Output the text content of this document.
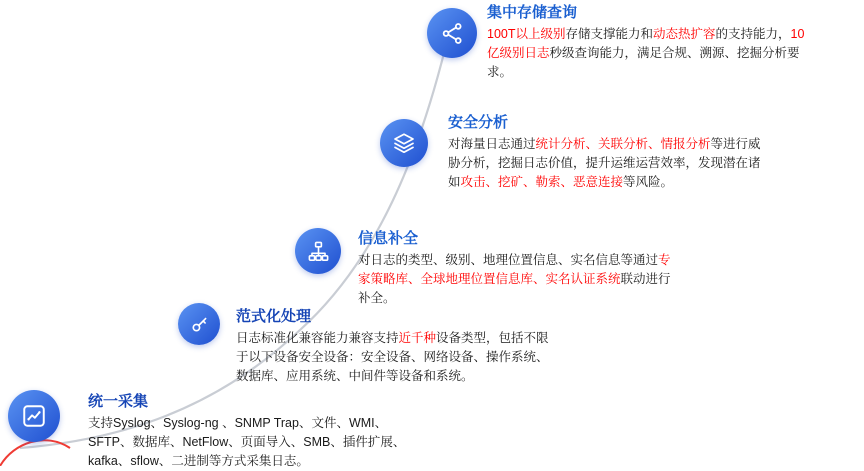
统一采集
支持Syslog、Syslog-ng 、SNMP Trap、文件、WMI、
SFTP、数据库、NetFlow、页面导入、SMB、插件扩展、
kafka、sflow、二进制等方式采集日志。
范式化处理
日志标准化兼容能力兼容支持近千种设备类型，包括不限
于以下设备安全设备：安全设备、网络设备、操作系统、
数据库、应用系统、中间件等设备和系统。
信息补全
对日志的类型、级别、地理位置信息、实名信息等通过专
家策略库、全球地理位置信息库、实名认证系统联动进行
补全。
安全分析
对海量日志通过统计分析、关联分析、情报分析等进行威
胁分析，挖掘日志价值，提升运维运营效率，发现潜在诸
如攻击、挖矿、勒索、恶意连接等风险。
集中存储查询
100T以上级别存储支撑能力和动态热扩容的支持能力，10
亿级别日志秒级查询能力，满足合规、溯源、挖掘分析要
求。
